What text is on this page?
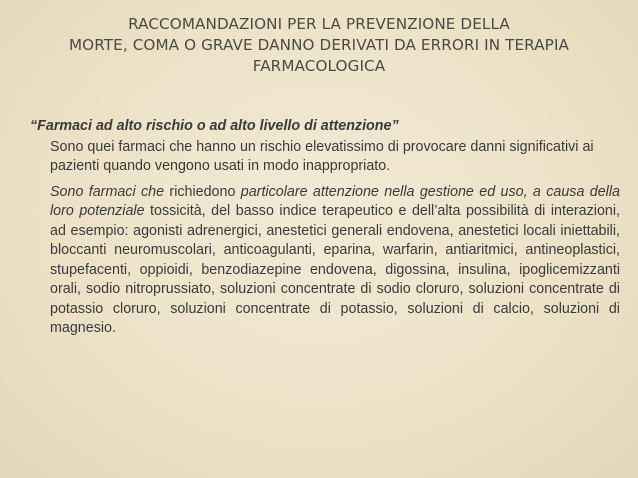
RACCOMANDAZIONI PER LA PREVENZIONE DELLA
MORTE, COMA O GRAVE DANNO DERIVATI DA ERRORI IN TERAPIA
FARMACOLOGICA
“Farmaci ad alto rischio o ad alto livello di attenzione”
Sono quei farmaci che hanno un rischio elevatissimo di provocare danni significativi ai pazienti quando vengono usati in modo inappropriato.
Sono farmaci che richiedono particolare attenzione nella gestione ed uso, a causa della loro potenziale tossicità, del basso indice terapeutico e dell’alta possibilità di interazioni, ad esempio: agonisti adrenergici, anestetici generali endovena, anestetici locali iniettabili, bloccanti neuromuscolari, anticoagulanti, eparina, warfarin, antiaritmici, antineoplastici, stupefacenti, oppioidi, benzodiazepine endovena, digossina, insulina, ipoglicemizzanti orali, sodio nitroprussiato, soluzioni concentrate di sodio cloruro, soluzioni concentrate di potassio cloruro, soluzioni concentrate di potassio, soluzioni di calcio, soluzioni di magnesio.
